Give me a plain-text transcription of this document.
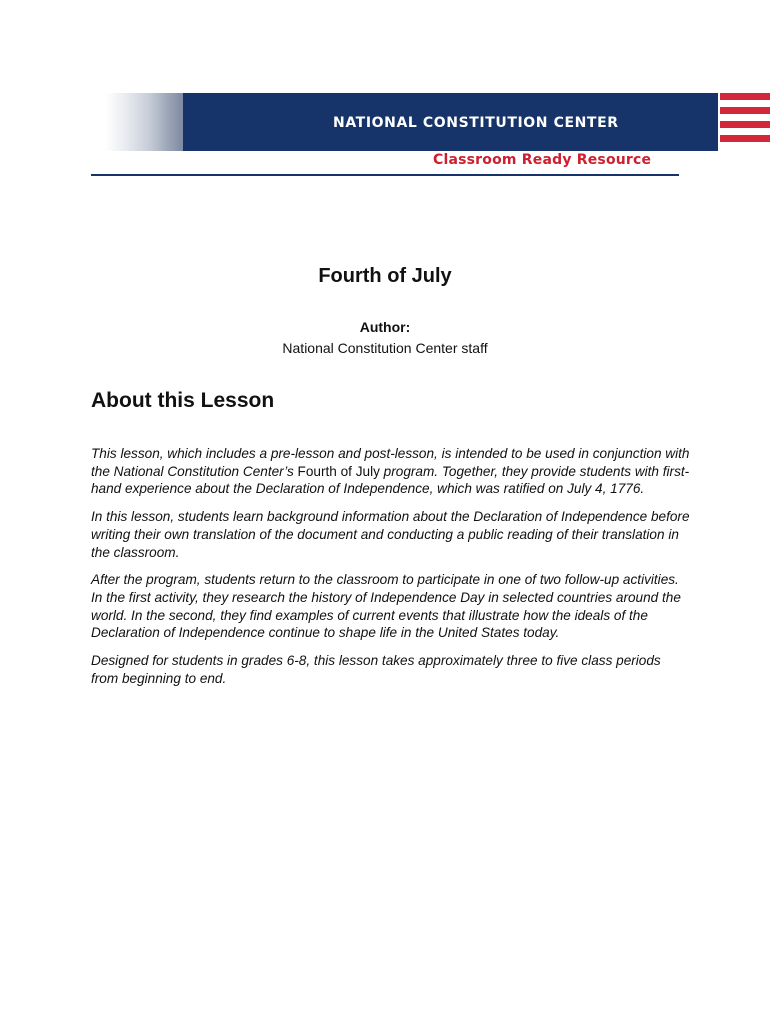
NATIONAL CONSTITUTION CENTER
Classroom Ready Resource
Fourth of July
Author:
National Constitution Center staff
About this Lesson

This lesson, which includes a pre-lesson and post-lesson, is intended to be used in conjunction with the National Constitution Center’s Fourth of July program. Together, they provide students with first-hand experience about the Declaration of Independence, which was ratified on July 4, 1776.

In this lesson, students learn background information about the Declaration of Independence before writing their own translation of the document and conducting a public reading of their translation in the classroom.

After the program, students return to the classroom to participate in one of two follow-up activities. In the first activity, they research the history of Independence Day in selected countries around the world. In the second, they find examples of current events that illustrate how the ideals of the Declaration of Independence continue to shape life in the United States today.

Designed for students in grades 6-8, this lesson takes approximately three to five class periods from beginning to end.
